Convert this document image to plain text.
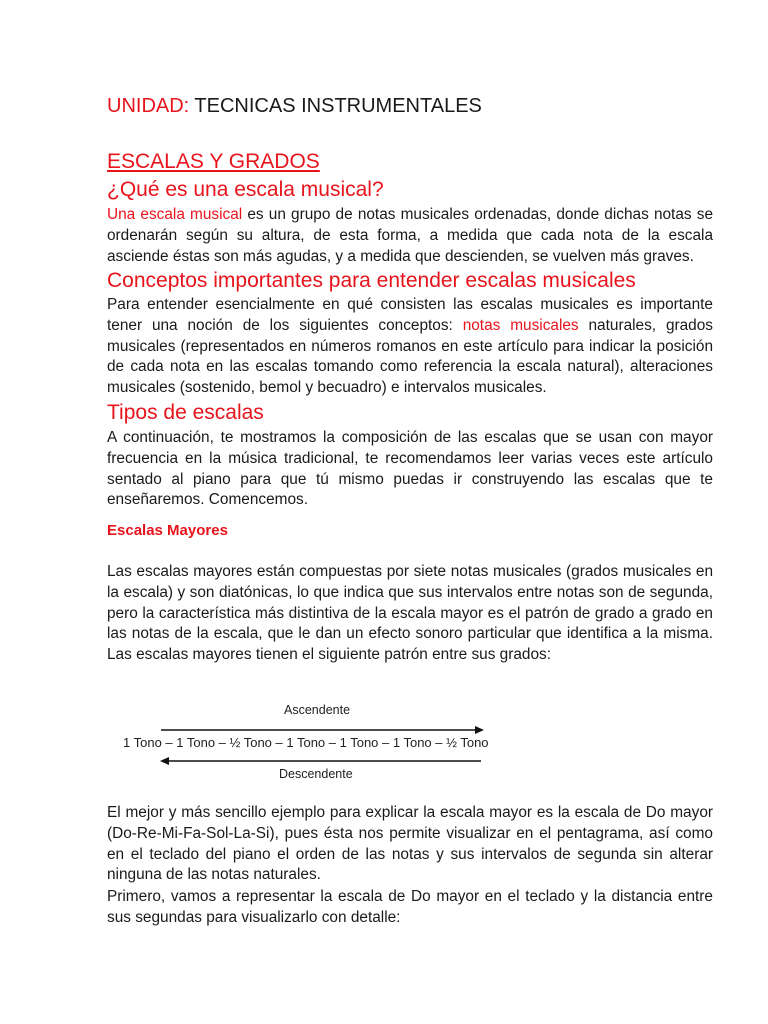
UNIDAD: TECNICAS INSTRUMENTALES
ESCALAS Y GRADOS
¿Qué es una escala musical?
Una escala musical es un grupo de notas musicales ordenadas, donde dichas notas se ordenarán según su altura, de esta forma, a medida que cada nota de la escala asciende éstas son más agudas, y a medida que descienden, se vuelven más graves.
Conceptos importantes para entender escalas musicales
Para entender esencialmente en qué consisten las escalas musicales es importante tener una noción de los siguientes conceptos: notas musicales naturales, grados musicales (representados en números romanos en este artículo para indicar la posición de cada nota en las escalas tomando como referencia la escala natural), alteraciones musicales (sostenido, bemol y becuadro) e intervalos musicales.
Tipos de escalas
A continuación, te mostramos la composición de las escalas que se usan con mayor frecuencia en la música tradicional, te recomendamos leer varias veces este artículo sentado al piano para que tú mismo puedas ir construyendo las escalas que te enseñaremos. Comencemos.
Escalas Mayores
Las escalas mayores están compuestas por siete notas musicales (grados musicales en la escala) y son diatónicas, lo que indica que sus intervalos entre notas son de segunda, pero la característica más distintiva de la escala mayor es el patrón de grado a grado en las notas de la escala, que le dan un efecto sonoro particular que identifica a la misma. Las escalas mayores tienen el siguiente patrón entre sus grados:
Ascendente
1 Tono – 1 Tono – ½ Tono – 1 Tono – 1 Tono – 1 Tono – ½ Tono
Descendente
El mejor y más sencillo ejemplo para explicar la escala mayor es la escala de Do mayor (Do-Re-Mi-Fa-Sol-La-Si), pues ésta nos permite visualizar en el pentagrama, así como en el teclado del piano el orden de las notas y sus intervalos de segunda sin alterar ninguna de las notas naturales.
Primero, vamos a representar la escala de Do mayor en el teclado y la distancia entre sus segundas para visualizarlo con detalle:
